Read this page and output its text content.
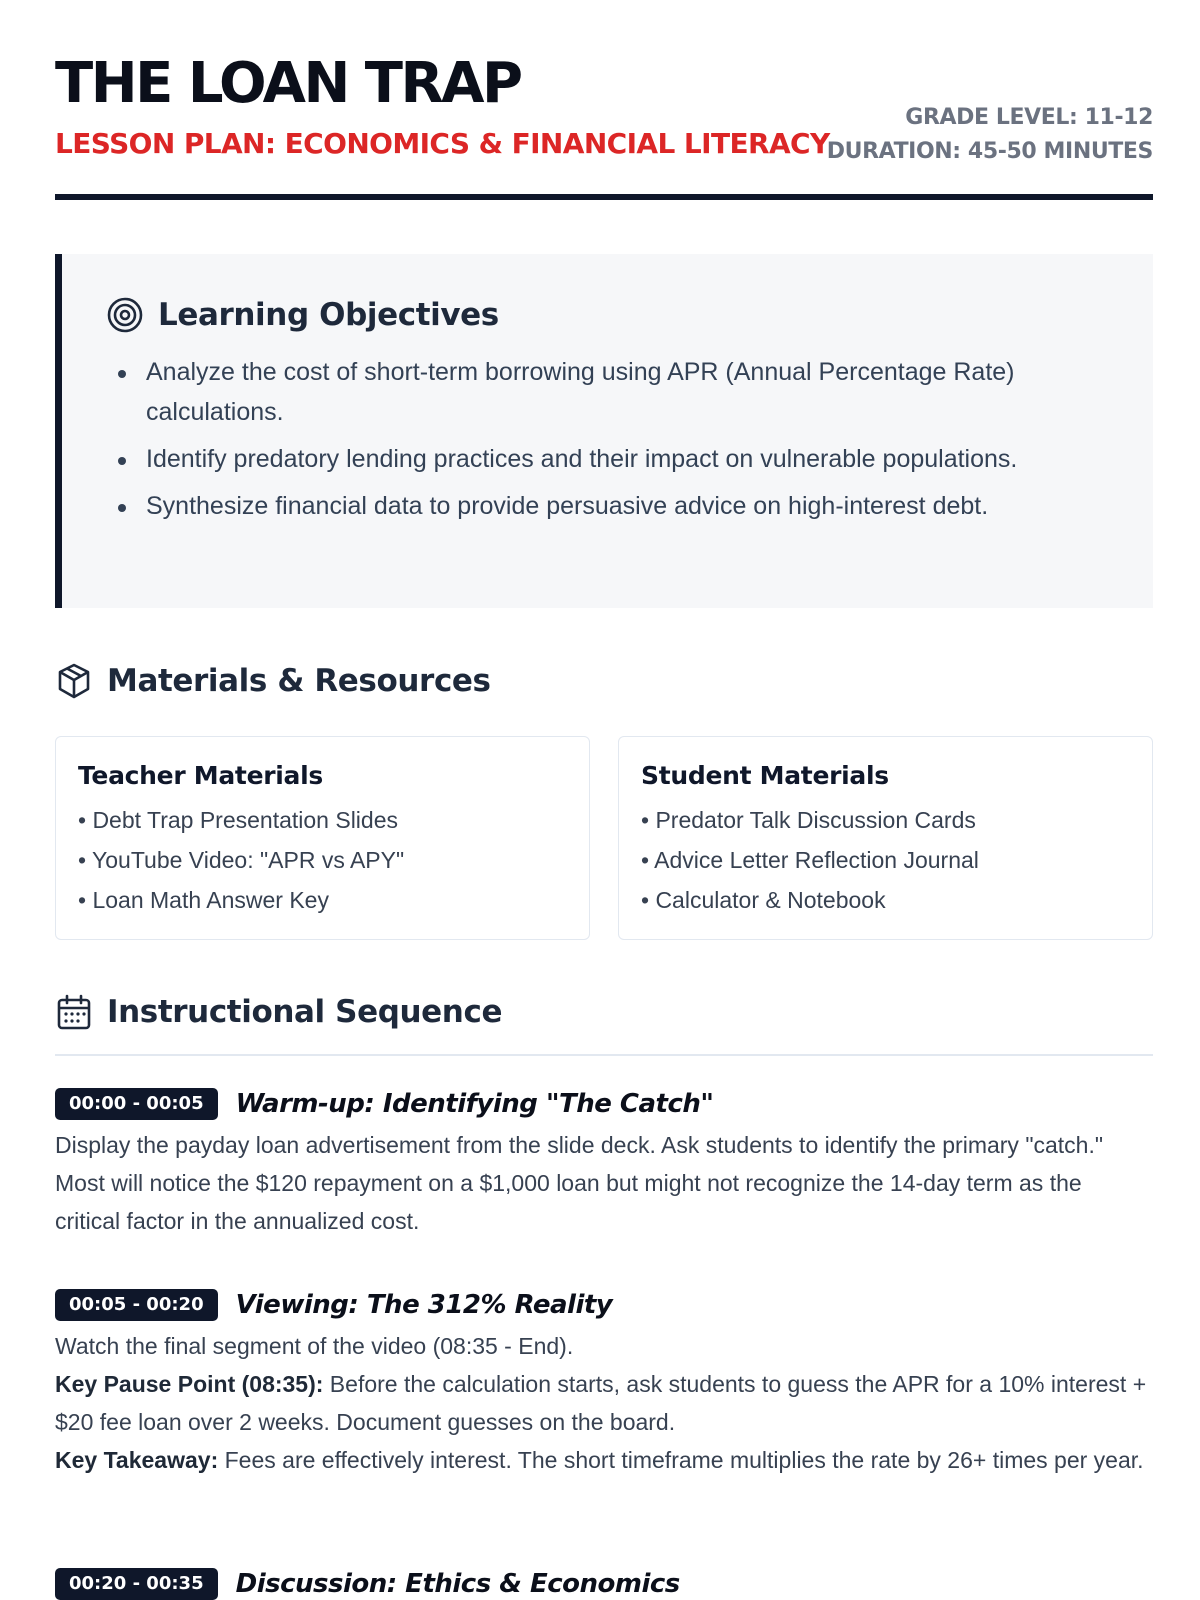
THE LOAN TRAP
LESSON PLAN: ECONOMICS & FINANCIAL LITERACY
GRADE LEVEL: 11-12
DURATION: 45-50 MINUTES
Learning Objectives
Analyze the cost of short-term borrowing using APR (Annual Percentage Rate) calculations.
Identify predatory lending practices and their impact on vulnerable populations.
Synthesize financial data to provide persuasive advice on high-interest debt.
Materials & Resources
Teacher Materials
• Debt Trap Presentation Slides
• YouTube Video: "APR vs APY"
• Loan Math Answer Key
Student Materials
• Predator Talk Discussion Cards
• Advice Letter Reflection Journal
• Calculator & Notebook
Instructional Sequence
00:00 - 00:05	Warm-up: Identifying "The Catch"
Display the payday loan advertisement from the slide deck. Ask students to identify the primary "catch." Most will notice the $120 repayment on a $1,000 loan but might not recognize the 14-day term as the critical factor in the annualized cost.
00:05 - 00:20	Viewing: The 312% Reality
Watch the final segment of the video (08:35 - End).
Key Pause Point (08:35): Before the calculation starts, ask students to guess the APR for a 10% interest + $20 fee loan over 2 weeks. Document guesses on the board.
Key Takeaway: Fees are effectively interest. The short timeframe multiplies the rate by 26+ times per year.
00:20 - 00:35	Discussion: Ethics & Economics
